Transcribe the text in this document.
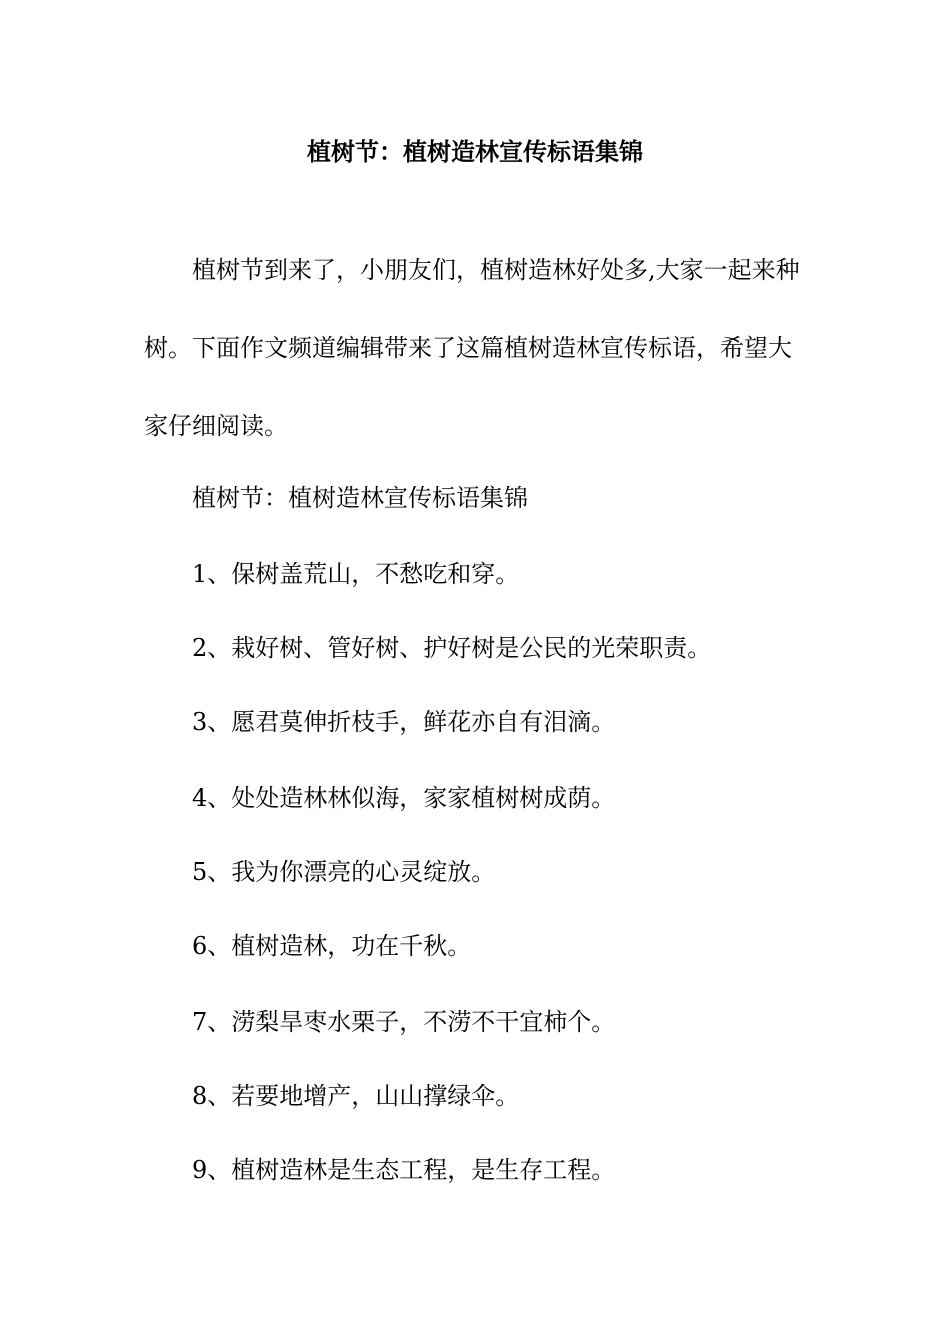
植树节：植树造林宣传标语集锦
植树节到来了，小朋友们，植树造林好处多,大家一起来种
树。下面作文频道编辑带来了这篇植树造林宣传标语，希望大
家仔细阅读。
植树节：植树造林宣传标语集锦
1、保树盖荒山，不愁吃和穿。
2、栽好树、管好树、护好树是公民的光荣职责。
3、愿君莫伸折枝手，鲜花亦自有泪滴。
4、处处造林林似海，家家植树树成荫。
5、我为你漂亮的心灵绽放。
6、植树造林，功在千秋。
7、涝梨旱枣水栗子，不涝不干宜柿个。
8、若要地增产，山山撑绿伞。
9、植树造林是生态工程，是生存工程。
